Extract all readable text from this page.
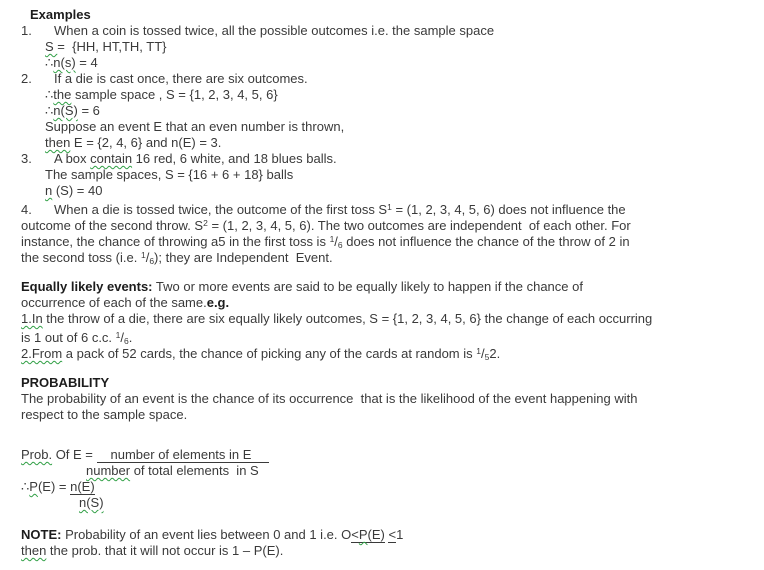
Examples
1. When a coin is tossed twice, all the possible outcomes i.e. the sample space
S =  {HH, HT,TH, TT}
∴n(s) = 4
2. If a die is cast once, there are six outcomes.
∴the sample space , S = {1, 2, 3, 4, 5, 6}
∴n(S) = 6
Suppose an event E that an even number is thrown,
then E = {2, 4, 6} and n(E) = 3.
3. A box contain 16 red, 6 white, and 18 blues balls.
The sample spaces, S = {16 + 6 + 18} balls
n (S) = 40
4. When a die is tossed twice, the outcome of the first toss $S^1 = (1$, 2, 3, 4, 5, 6) does not influence the
outcome of the second throw. $S^2 = (1$, 2, 3, 4, 5, 6). The two outcomes are independent  of each other. For
instance, the chance of throwing a5 in the first toss is $^1/_6$ does not influence the chance of the throw of 2 in
the second toss (i.e. $^1/_6$); they are Independent  Event.
Equally likely events: Two or more events are said to be equally likely to happen if the chance of
occurrence of each of the same.e.g.
1.In the throw of a die, there are six equally likely outcomes, S = {1, 2, 3, 4, 5, 6} the change of each occurring
is 1 out of 6 c.c. $^1/_6$.
2.From a pack of 52 cards, the chance of picking any of the cards at random is $^1/_52$.
PROBABILITY
The probability of an event is the chance of its occurrence  that is the likelihood of the event happening with
respect to the sample space.
Prob. Of E = number of elements in E
number of total elements  in S
∴P(E) = n(E)
n(S)
NOTE: Probability of an event lies between 0 and 1 i.e. O<P(E) <1
then the prob. that it will not occur is 1 – P(E).
